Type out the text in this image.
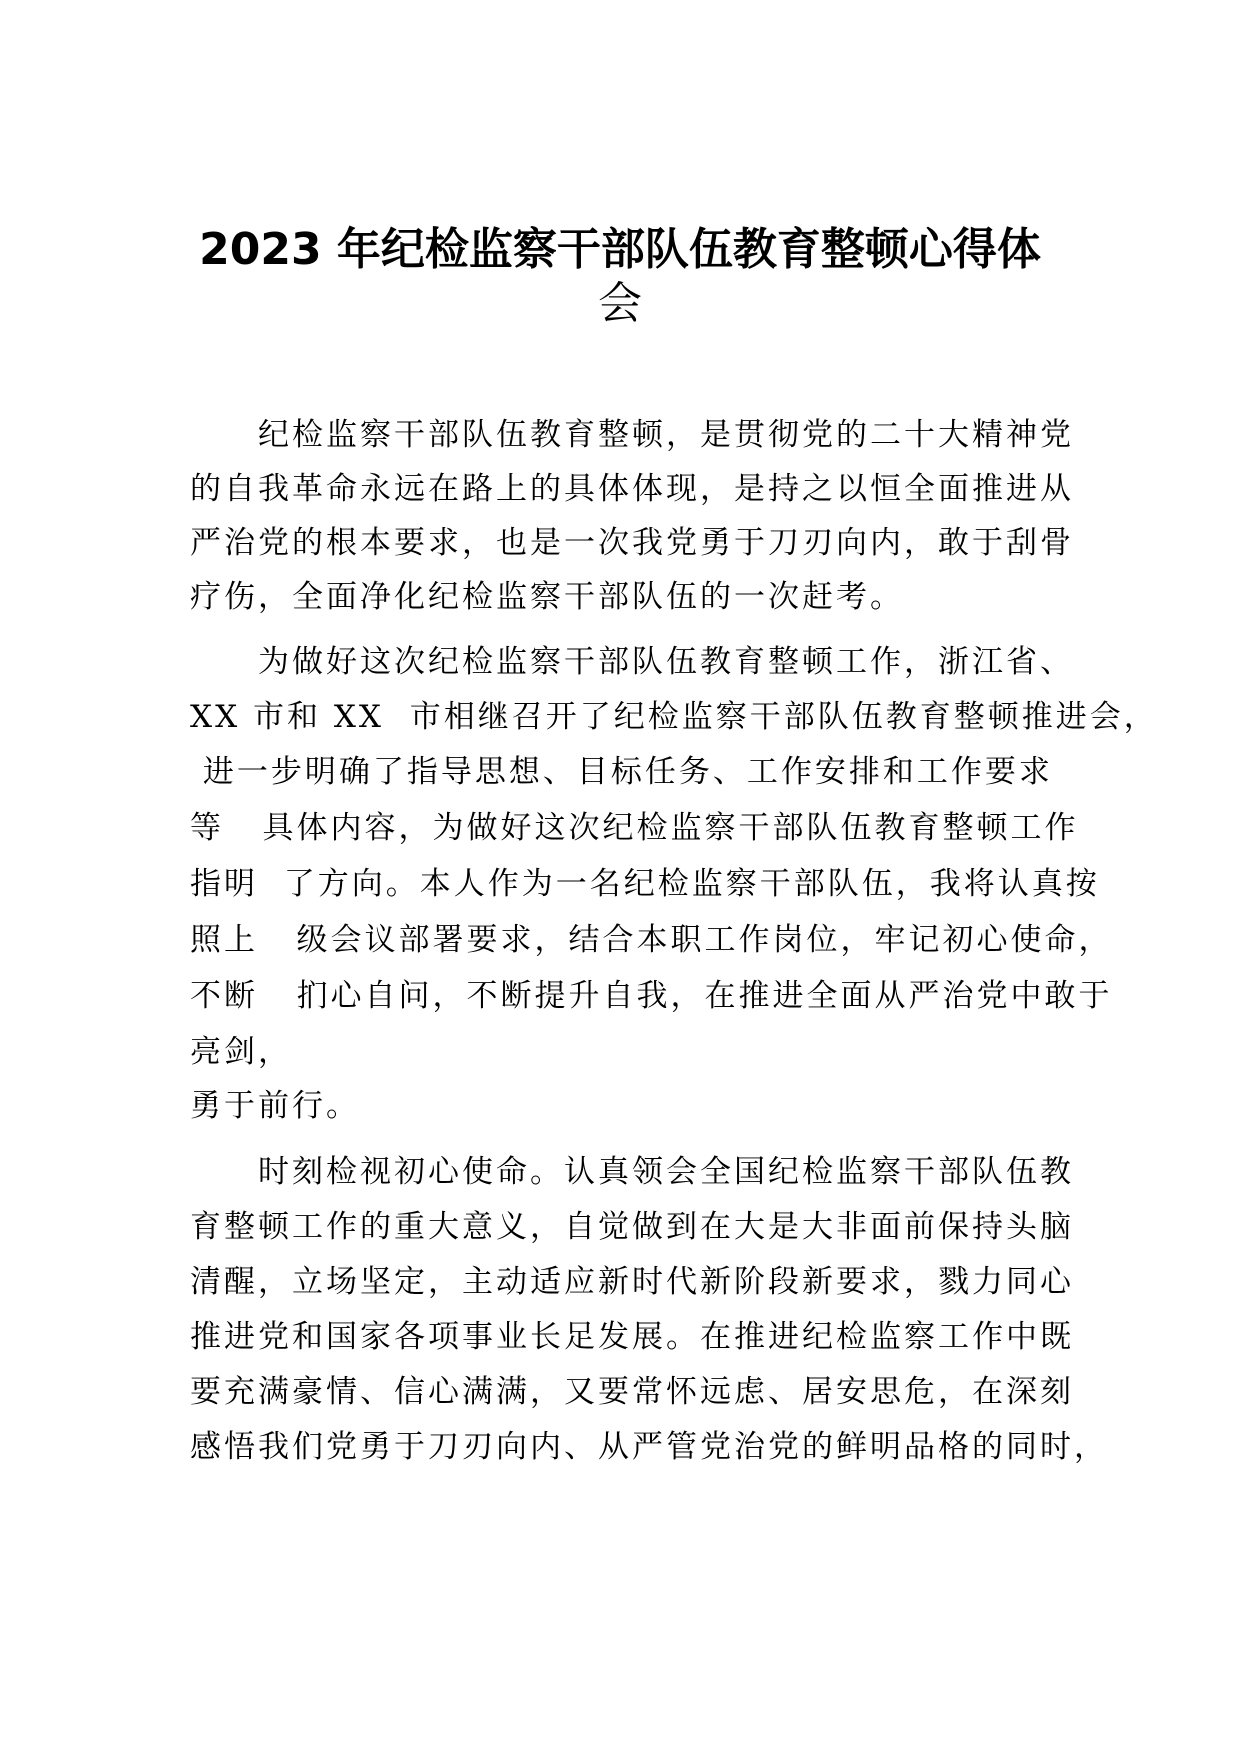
2023 年纪检监察干部队伍教育整顿心得体
会

纪检监察干部队伍教育整顿，是贯彻党的二十大精神党

的自我革命永远在路上的具体体现，是持之以恒全面推进从

严治党的根本要求，也是一次我党勇于刀刃向内，敢于刮骨

疗伤，全面净化纪检监察干部队伍的一次赶考。

为做好这次纪检监察干部队伍教育整顿工作，浙江省、

XX 市和 XX  市相继召开了纪检监察干部队伍教育整顿推进会，

进一步明确了指导思想、目标任务、工作安排和工作要求

等   具体内容，为做好这次纪检监察干部队伍教育整顿工作

指明  了方向。本人作为一名纪检监察干部队伍，我将认真按

照上   级会议部署要求，结合本职工作岗位，牢记初心使命，

不断   扪心自问，不断提升自我，在推进全面从严治党中敢于

亮剑，

勇于前行。

时刻检视初心使命。认真领会全国纪检监察干部队伍教

育整顿工作的重大意义，自觉做到在大是大非面前保持头脑

清醒，立场坚定，主动适应新时代新阶段新要求，戮力同心

推进党和国家各项事业长足发展。在推进纪检监察工作中既

要充满豪情、信心满满，又要常怀远虑、居安思危，在深刻

感悟我们党勇于刀刃向内、从严管党治党的鲜明品格的同时，
